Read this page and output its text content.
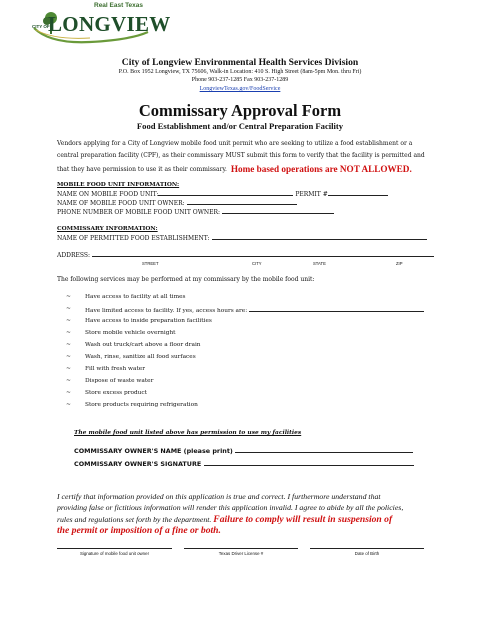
Real East Texas
CITY OF
LONGVIEW
City of Longview Environmental Health Services Division
P.O. Box 1952 Longview, TX 75606, Walk-in Location: 410 S. High Street (8am-5pm Mon. thru Fri)
Phone 903-237-1285 Fax 903-237-1289
LongviewTexas.gov/FoodService
Commissary Approval Form
Food Establishment and/or Central Preparation Facility
Vendors applying for a City of Longview mobile food unit permit who are seeking to utilize a food establishment or a
central preparation facility (CPF), as their commissary MUST submit this form to verify that the facility is permitted and
that they have permission to use it as their commissary. Home based operations are NOT ALLOWED.
MOBILE FOOD UNIT INFORMATION:
NAME ON MOBILE FOOD UNIT:	PERMIT #
NAME OF MOBILE FOOD UNIT OWNER:
PHONE NUMBER OF MOBILE FOOD UNIT OWNER:
COMMISSARY INFORMATION:
NAME OF PERMITTED FOOD ESTABLISHMENT:
ADDRESS:
STREET	CITY	STATE	ZIP
The following services may be performed at my commissary by the mobile food unit:
~ Have access to facility at all times
~ Have limited access to facility. If yes, access hours are:
~ Have access to inside preparation facilities
~ Store mobile vehicle overnight
~ Wash out truck/cart above a floor drain
~ Wash, rinse, sanitize all food surfaces
~ Fill with fresh water
~ Dispose of waste water
~ Store excess product
~ Store products requiring refrigeration
The mobile food unit listed above has permission to use my facilities
COMMISSARY OWNER'S NAME (please print)
COMMISSARY OWNER'S SIGNATURE
I certify that information provided on this application is true and correct. I furthermore understand that
providing false or fictitious information will render this application invalid. I agree to abide by all the policies,
rules and regulations set forth by the department. Failure to comply will result in suspension of
the permit or imposition of a fine or both.
Signature of mobile food unit owner	Texas Driver License #	Date of Birth
